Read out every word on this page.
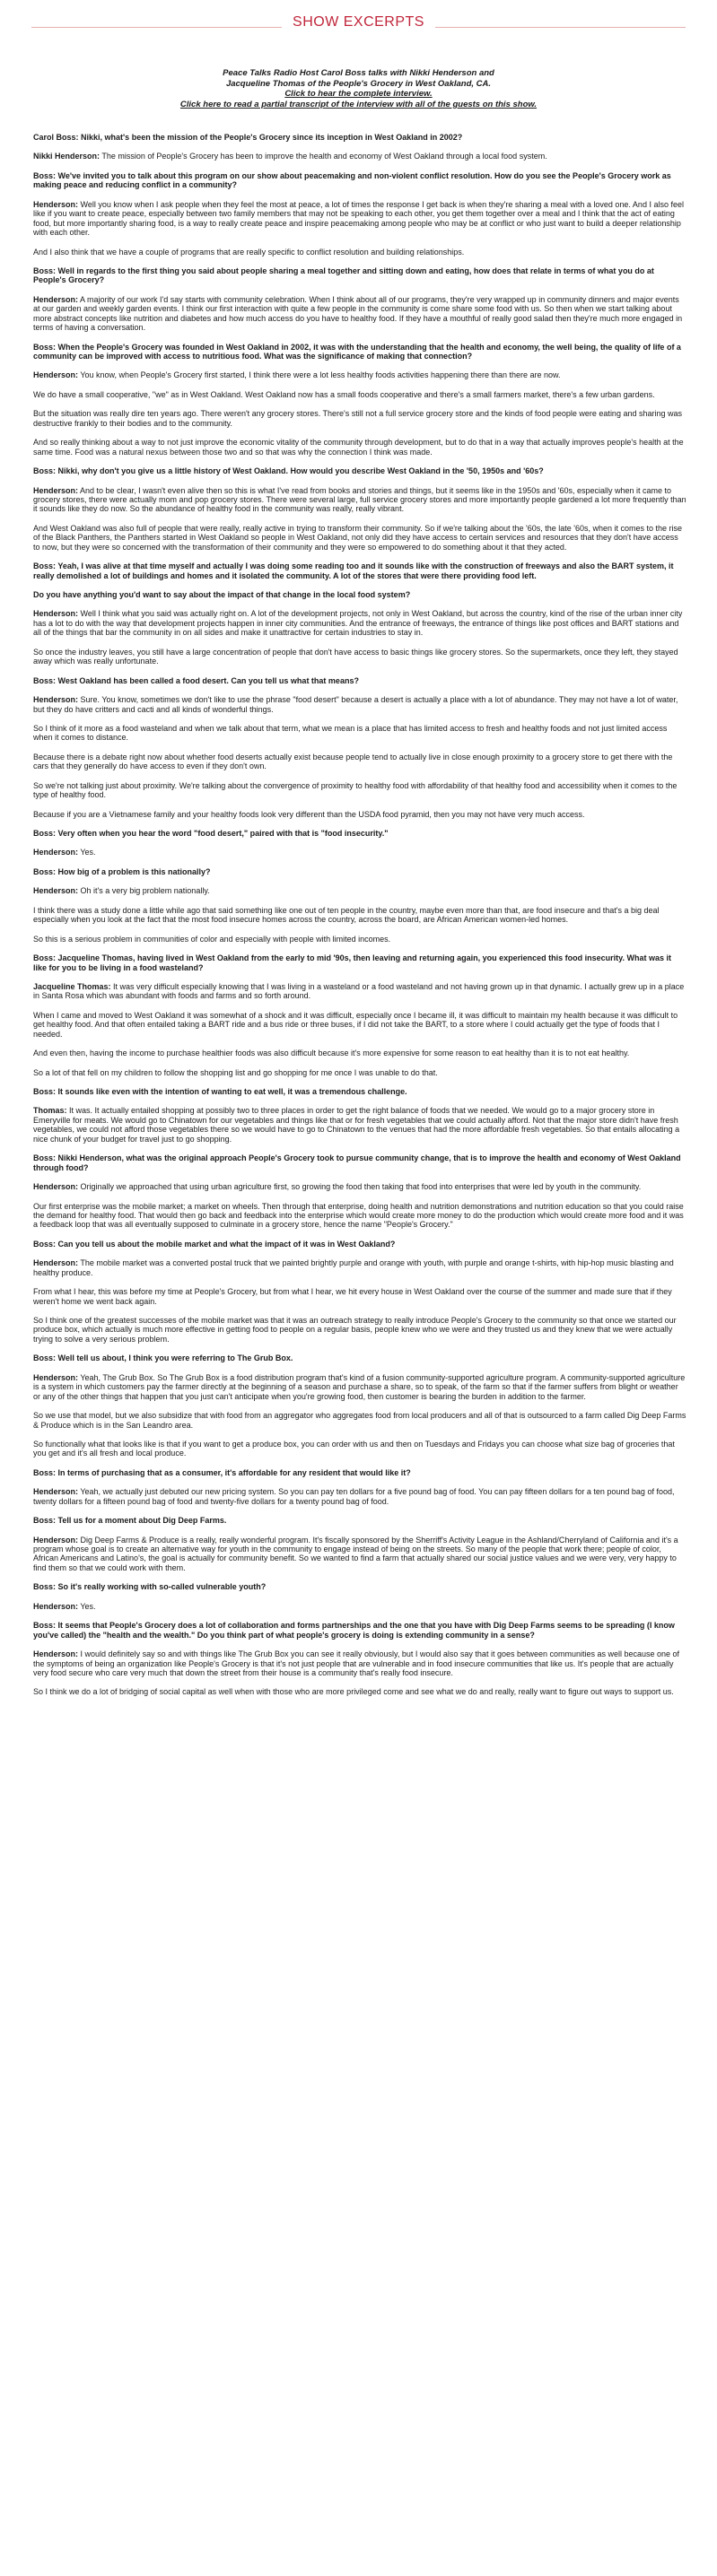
SHOW EXCERPTS
Peace Talks Radio Host Carol Boss talks with Nikki Henderson and
Jacqueline Thomas of the People's Grocery in West Oakland, CA.
Click to hear the complete interview.
Click here to read a partial transcript of the interview with all of the guests on this show.

Carol Boss: Nikki, what's been the mission of the People's Grocery since its inception in West Oakland in 2002?

Nikki Henderson: The mission of People's Grocery has been to improve the health and economy of West Oakland through a local food system.

Boss: We've invited you to talk about this program on our show about peacemaking and non-violent conflict resolution. How do you see the People's Grocery work as making peace and reducing conflict in a community?

Henderson: Well you know when I ask people when they feel the most at peace, a lot of times the response I get back is when they're sharing a meal with a loved one. And I also feel like if you want to create peace, especially between two family members that may not be speaking to each other, you get them together over a meal and I think that the act of eating food, but more importantly sharing food, is a way to really create peace and inspire peacemaking among people who may be at conflict or who just want to build a deeper relationship with each other.

And I also think that we have a couple of programs that are really specific to conflict resolution and building relationships.

Boss: Well in regards to the first thing you said about people sharing a meal together and sitting down and eating, how does that relate in terms of what you do at People's Grocery?

Henderson: A majority of our work I'd say starts with community celebration. When I think about all of our programs, they're very wrapped up in community dinners and major events at our garden and weekly garden events. I think our first interaction with quite a few people in the community is come share some food with us. So then when we start talking about more abstract concepts like nutrition and diabetes and how much access do you have to healthy food. If they have a mouthful of really good salad then they're much more engaged in terms of having a conversation.

Boss: When the People's Grocery was founded in West Oakland in 2002, it was with the understanding that the health and economy, the well being, the quality of life of a community can be improved with access to nutritious food. What was the significance of making that connection?

Henderson: You know, when People's Grocery first started, I think there were a lot less healthy foods activities happening there than there are now.

We do have a small cooperative, "we" as in West Oakland. West Oakland now has a small foods cooperative and there's a small farmers market, there's a few urban gardens.

But the situation was really dire ten years ago. There weren't any grocery stores. There's still not a full service grocery store and the kinds of food people were eating and sharing was destructive frankly to their bodies and to the community.

And so really thinking about a way to not just improve the economic vitality of the community through development, but to do that in a way that actually improves people's health at the same time. Food was a natural nexus between those two and so that was why the connection I think was made.

Boss: Nikki, why don't you give us a little history of West Oakland. How would you describe West Oakland in the '50, 1950s and '60s?

Henderson: And to be clear, I wasn't even alive then so this is what I've read from books and stories and things, but it seems like in the 1950s and '60s, especially when it came to grocery stores, there were actually mom and pop grocery stores. There were several large, full service grocery stores and more importantly people gardened a lot more frequently than it sounds like they do now. So the abundance of healthy food in the community was really, really vibrant.

And West Oakland was also full of people that were really, really active in trying to transform their community. So if we're talking about the '60s, the late '60s, when it comes to the rise of the Black Panthers, the Panthers started in West Oakland so people in West Oakland, not only did they have access to certain services and resources that they don't have access to now, but they were so concerned with the transformation of their community and they were so empowered to do something about it that they acted.

Boss: Yeah, I was alive at that time myself and actually I was doing some reading too and it sounds like with the construction of freeways and also the BART system, it really demolished a lot of buildings and homes and it isolated the community. A lot of the stores that were there providing food left.

Do you have anything you'd want to say about the impact of that change in the local food system?

Henderson: Well I think what you said was actually right on. A lot of the development projects, not only in West Oakland, but across the country, kind of the rise of the urban inner city has a lot to do with the way that development projects happen in inner city communities. And the entrance of freeways, the entrance of things like post offices and BART stations and all of the things that bar the community in on all sides and make it unattractive for certain industries to stay in.

So once the industry leaves, you still have a large concentration of people that don't have access to basic things like grocery stores. So the supermarkets, once they left, they stayed away which was really unfortunate.

Boss: West Oakland has been called a food desert. Can you tell us what that means?

Henderson: Sure. You know, sometimes we don't like to use the phrase "food desert" because a desert is actually a place with a lot of abundance. They may not have a lot of water, but they do have critters and cacti and all kinds of wonderful things.

So I think of it more as a food wasteland and when we talk about that term, what we mean is a place that has limited access to fresh and healthy foods and not just limited access when it comes to distance.

Because there is a debate right now about whether food deserts actually exist because people tend to actually live in close enough proximity to a grocery store to get there with the cars that they generally do have access to even if they don't own.

So we're not talking just about proximity. We're talking about the convergence of proximity to healthy food with affordability of that healthy food and accessibility when it comes to the type of healthy food.

Because if you are a Vietnamese family and your healthy foods look very different than the USDA food pyramid, then you may not have very much access.

Boss: Very often when you hear the word "food desert," paired with that is "food insecurity."

Henderson: Yes.

Boss: How big of a problem is this nationally?

Henderson: Oh it's a very big problem nationally.

I think there was a study done a little while ago that said something like one out of ten people in the country, maybe even more than that, are food insecure and that's a big deal especially when you look at the fact that the most food insecure homes across the country, across the board, are African American women-led homes.

So this is a serious problem in communities of color and especially with people with limited incomes.

Boss: Jacqueline Thomas, having lived in West Oakland from the early to mid '90s, then leaving and returning again, you experienced this food insecurity. What was it like for you to be living in a food wasteland?

Jacqueline Thomas: It was very difficult especially knowing that I was living in a wasteland or a food wasteland and not having grown up in that dynamic. I actually grew up in a place in Santa Rosa which was abundant with foods and farms and so forth around.

When I came and moved to West Oakland it was somewhat of a shock and it was difficult, especially once I became ill, it was difficult to maintain my health because it was difficult to get healthy food. And that often entailed taking a BART ride and a bus ride or three buses, if I did not take the BART, to a store where I could actually get the type of foods that I needed.

And even then, having the income to purchase healthier foods was also difficult because it's more expensive for some reason to eat healthy than it is to not eat healthy.

So a lot of that fell on my children to follow the shopping list and go shopping for me once I was unable to do that.

Boss: It sounds like even with the intention of wanting to eat well, it was a tremendous challenge.

Thomas: It was. It actually entailed shopping at possibly two to three places in order to get the right balance of foods that we needed. We would go to a major grocery store in Emeryville for meats. We would go to Chinatown for our vegetables and things like that or for fresh vegetables that we could actually afford. Not that the major store didn't have fresh vegetables, we could not afford those vegetables there so we would have to go to Chinatown to the venues that had the more affordable fresh vegetables. So that entails allocating a nice chunk of your budget for travel just to go shopping.

Boss: Nikki Henderson, what was the original approach People's Grocery took to pursue community change, that is to improve the health and economy of West Oakland through food?

Henderson: Originally we approached that using urban agriculture first, so growing the food then taking that food into enterprises that were led by youth in the community.

Our first enterprise was the mobile market; a market on wheels. Then through that enterprise, doing health and nutrition demonstrations and nutrition education so that you could raise the demand for healthy food. That would then go back and feedback into the enterprise which would create more money to do the production which would create more food and it was a feedback loop that was all eventually supposed to culminate in a grocery store, hence the name "People's Grocery."

Boss: Can you tell us about the mobile market and what the impact of it was in West Oakland?

Henderson: The mobile market was a converted postal truck that we painted brightly purple and orange with youth, with purple and orange t-shirts, with hip-hop music blasting and healthy produce.

From what I hear, this was before my time at People's Grocery, but from what I hear, we hit every house in West Oakland over the course of the summer and made sure that if they weren't home we went back again.

So I think one of the greatest successes of the mobile market was that it was an outreach strategy to really introduce People's Grocery to the community so that once we started our produce box, which actually is much more effective in getting food to people on a regular basis, people knew who we were and they trusted us and they knew that we were actually trying to solve a very serious problem.

Boss: Well tell us about, I think you were referring to The Grub Box.

Henderson: Yeah, The Grub Box. So The Grub Box is a food distribution program that's kind of a fusion community-supported agriculture program. A community-supported agriculture is a system in which customers pay the farmer directly at the beginning of a season and purchase a share, so to speak, of the farm so that if the farmer suffers from blight or weather or any of the other things that happen that you just can't anticipate when you're growing food, then customer is bearing the burden in addition to the farmer.

So we use that model, but we also subsidize that with food from an aggregator who aggregates food from local producers and all of that is outsourced to a farm called Dig Deep Farms & Produce which is in the San Leandro area.

So functionally what that looks like is that if you want to get a produce box, you can order with us and then on Tuesdays and Fridays you can choose what size bag of groceries that you get and it's all fresh and local produce.

Boss: In terms of purchasing that as a consumer, it's affordable for any resident that would like it?

Henderson: Yeah, we actually just debuted our new pricing system. So you can pay ten dollars for a five pound bag of food. You can pay fifteen dollars for a ten pound bag of food, twenty dollars for a fifteen pound bag of food and twenty-five dollars for a twenty pound bag of food.

Boss: Tell us for a moment about Dig Deep Farms.

Henderson: Dig Deep Farms & Produce is a really, really wonderful program. It's fiscally sponsored by the Sherriff's Activity League in the Ashland/Cherryland of California and it's a program whose goal is to create an alternative way for youth in the community to engage instead of being on the streets. So many of the people that work there; people of color, African Americans and Latino's, the goal is actually for community benefit. So we wanted to find a farm that actually shared our social justice values and we were very, very happy to find them so that we could work with them.

Boss: So it's really working with so-called vulnerable youth?

Henderson: Yes.

Boss: It seems that People's Grocery does a lot of collaboration and forms partnerships and the one that you have with Dig Deep Farms seems to be spreading (I know you've called) the "health and the wealth." Do you think part of what people's grocery is doing is extending community in a sense?

Henderson: I would definitely say so and with things like The Grub Box you can see it really obviously, but I would also say that it goes between communities as well because one of the symptoms of being an organization like People's Grocery is that it's not just people that are vulnerable and in food insecure communities that like us. It's people that are actually very food secure who care very much that down the street from their house is a community that's really food insecure.

So I think we do a lot of bridging of social capital as well when with those who are more privileged come and see what we do and really, really want to figure out ways to support us.
